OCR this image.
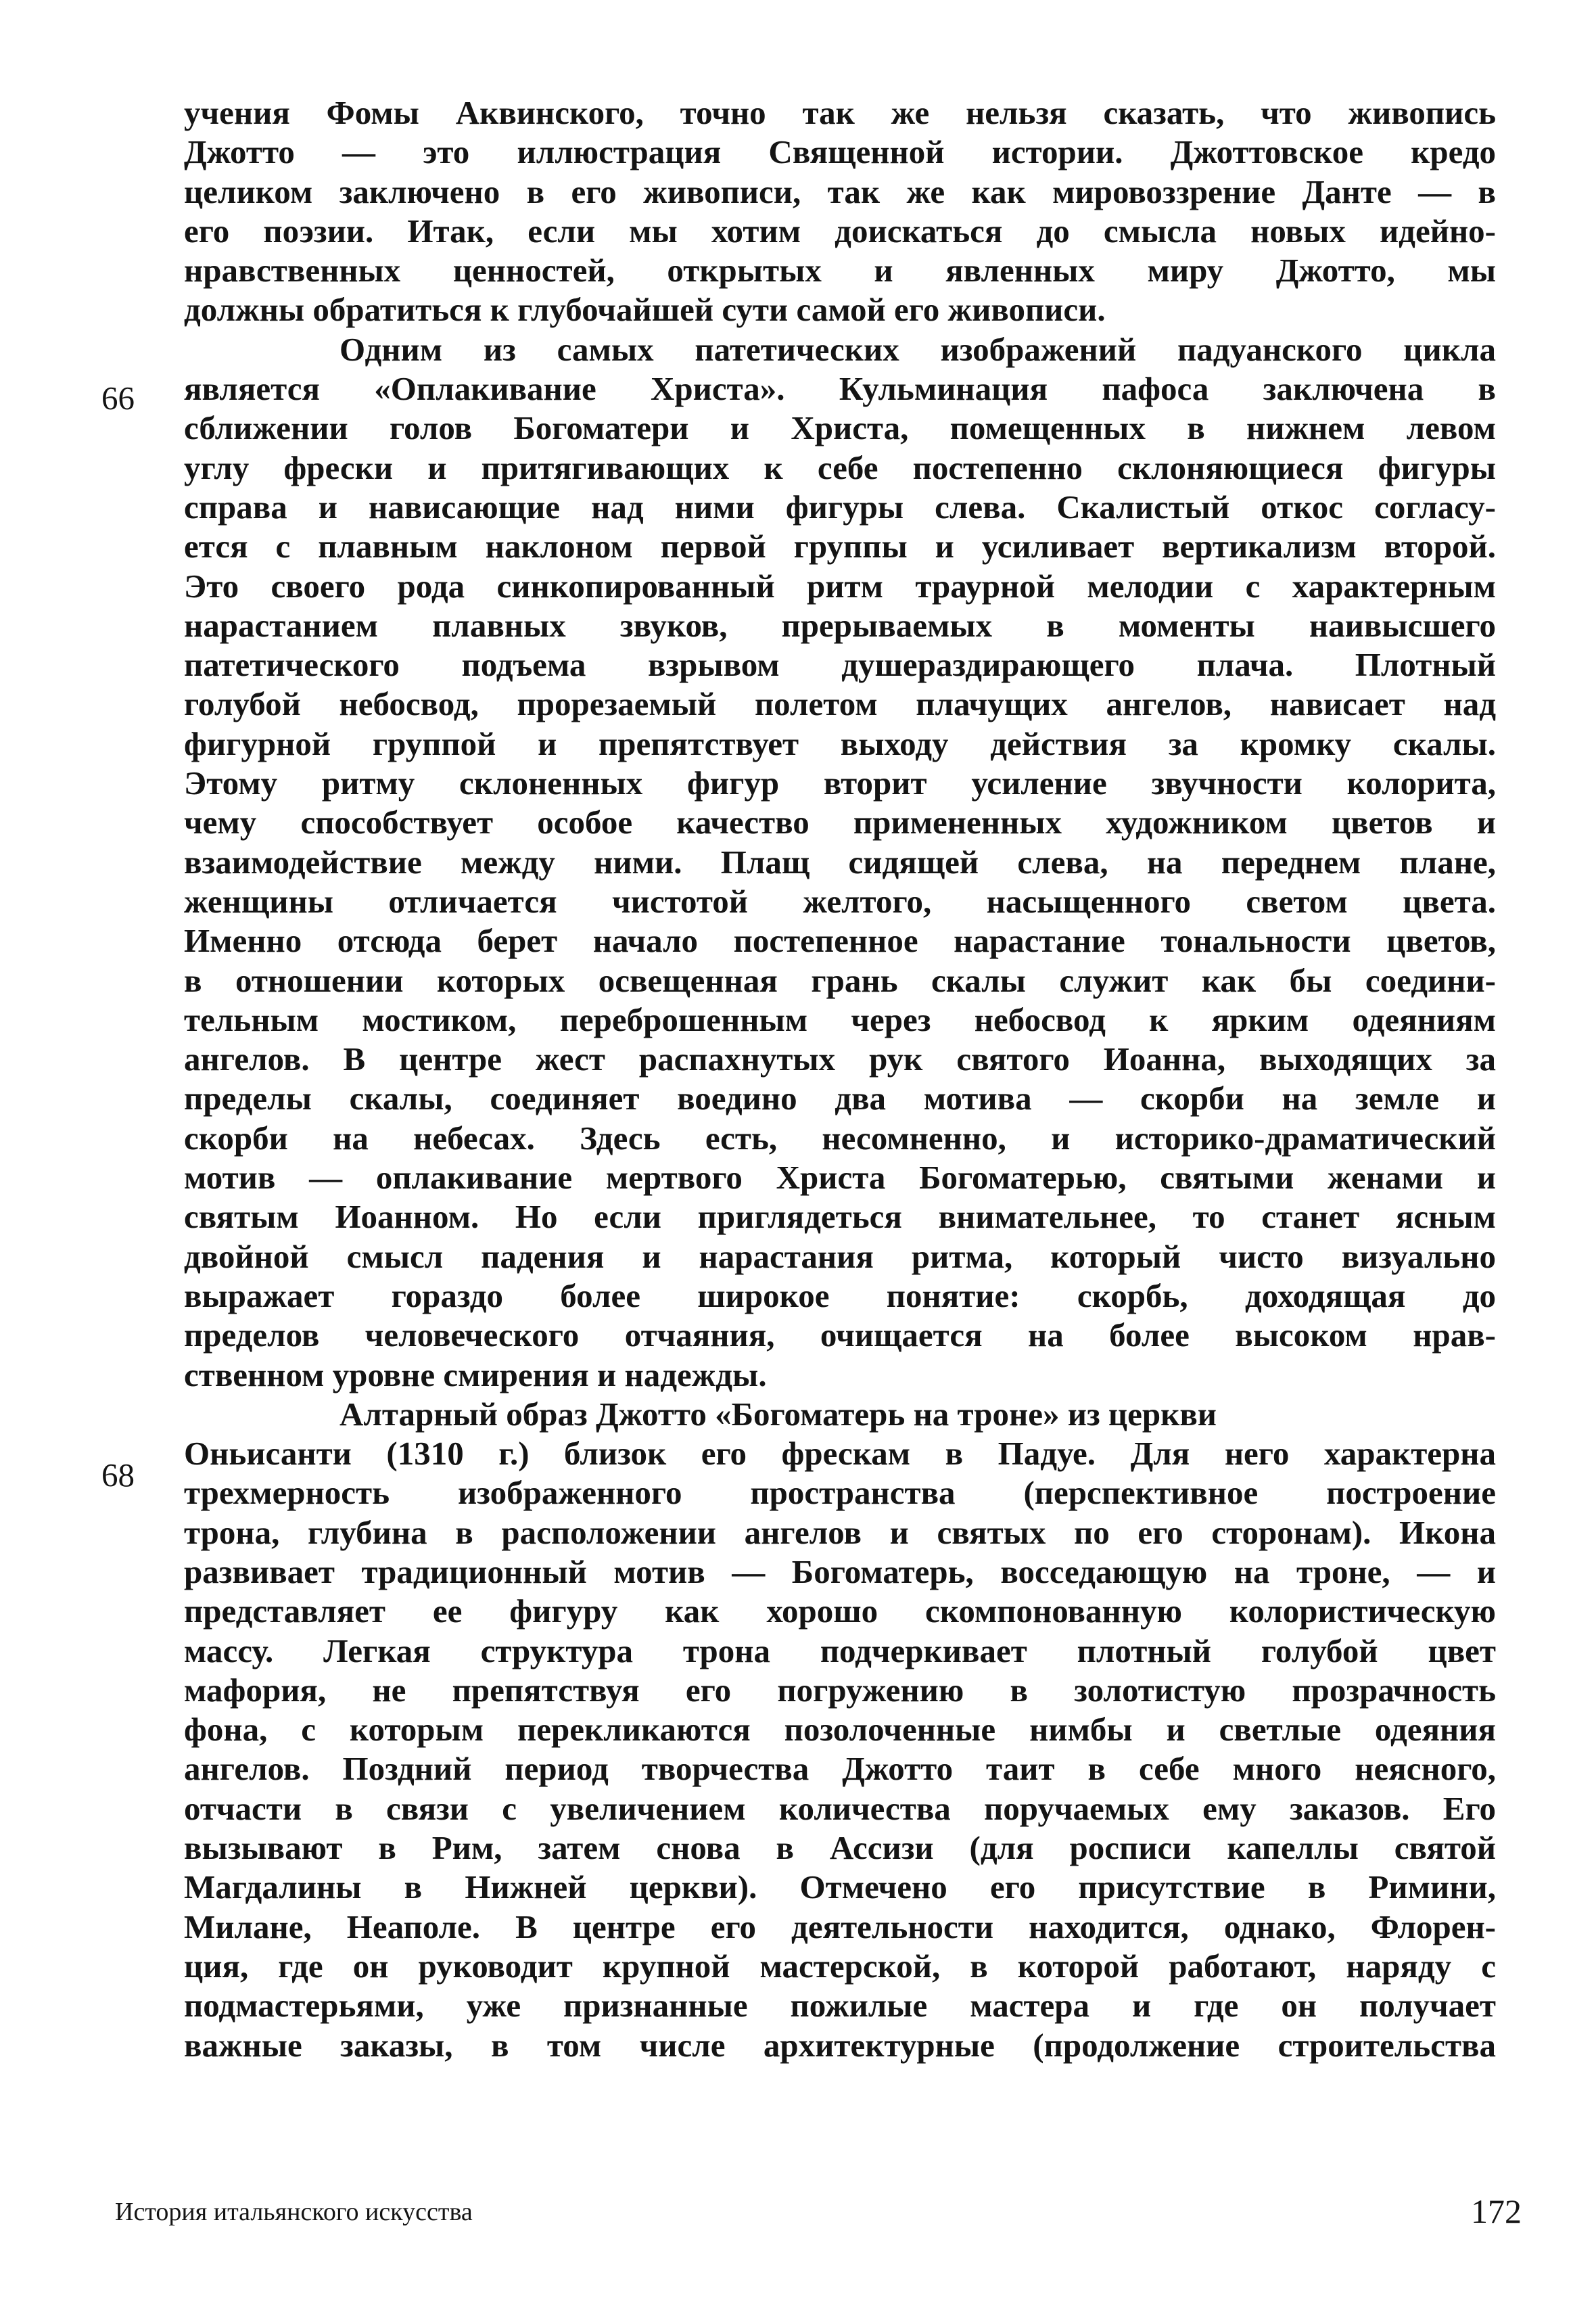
учения Фомы Аквинского, точно так же нельзя сказать, что живопись
Джотто — это иллюстрация Священной истории. Джоттовское кредо
целиком заключено в его живописи, так же как мировоззрение Данте — в
его поэзии. Итак, если мы хотим доискаться до смысла новых идейно-
нравственных ценностей, открытых и явленных миру Джотто, мы
должны обратиться к глубочайшей сути самой его живописи.
Одним из самых патетических изображений падуанского цикла
является «Оплакивание Христа». Кульминация пафоса заключена в
сближении голов Богоматери и Христа, помещенных в нижнем левом
углу фрески и притягивающих к себе постепенно склоняющиеся фигуры
справа и нависающие над ними фигуры слева. Скалистый откос согласу-
ется с плавным наклоном первой группы и усиливает вертикализм второй.
Это своего рода синкопированный ритм траурной мелодии с характерным
нарастанием плавных звуков, прерываемых в моменты наивысшего
патетического подъема взрывом душераздирающего плача. Плотный
голубой небосвод, прорезаемый полетом плачущих ангелов, нависает над
фигурной группой и препятствует выходу действия за кромку скалы.
Этому ритму склоненных фигур вторит усиление звучности колорита,
чему способствует особое качество примененных художником цветов и
взаимодействие между ними. Плащ сидящей слева, на переднем плане,
женщины отличается чистотой желтого, насыщенного светом цвета.
Именно отсюда берет начало постепенное нарастание тональности цветов,
в отношении которых освещенная грань скалы служит как бы соедини-
тельным мостиком, переброшенным через небосвод к ярким одеяниям
ангелов. В центре жест распахнутых рук святого Иоанна, выходящих за
пределы скалы, соединяет воедино два мотива — скорби на земле и
скорби на небесах. Здесь есть, несомненно, и историко-драматический
мотив — оплакивание мертвого Христа Богоматерью, святыми женами и
святым Иоанном. Но если приглядеться внимательнее, то станет ясным
двойной смысл падения и нарастания ритма, который чисто визуально
выражает гораздо более широкое понятие: скорбь, доходящая до
пределов человеческого отчаяния, очищается на более высоком нрав-
ственном уровне смирения и надежды.
Алтарный образ Джотто «Богоматерь на троне» из церкви
Оньисанти (1310 г.) близок его фрескам в Падуе. Для него характерна
трехмерность изображенного пространства (перспективное построение
трона, глубина в расположении ангелов и святых по его сторонам). Икона
развивает традиционный мотив — Богоматерь, восседающую на троне, — и
представляет ее фигуру как хорошо скомпонованную колористическую
массу. Легкая структура трона подчеркивает плотный голубой цвет
мафория, не препятствуя его погружению в золотистую прозрачность
фона, с которым перекликаются позолоченные нимбы и светлые одеяния
ангелов. Поздний период творчества Джотто таит в себе много неясного,
отчасти в связи с увеличением количества поручаемых ему заказов. Его
вызывают в Рим, затем снова в Ассизи (для росписи капеллы святой
Магдалины в Нижней церкви). Отмечено его присутствие в Римини,
Милане, Неаполе. В центре его деятельности находится, однако, Флорен-
ция, где он руководит крупной мастерской, в которой работают, наряду с
подмастерьями, уже признанные пожилые мастера и где он получает
важные заказы, в том числе архитектурные (продолжение строительства
66
68
История итальянского искусства	172
